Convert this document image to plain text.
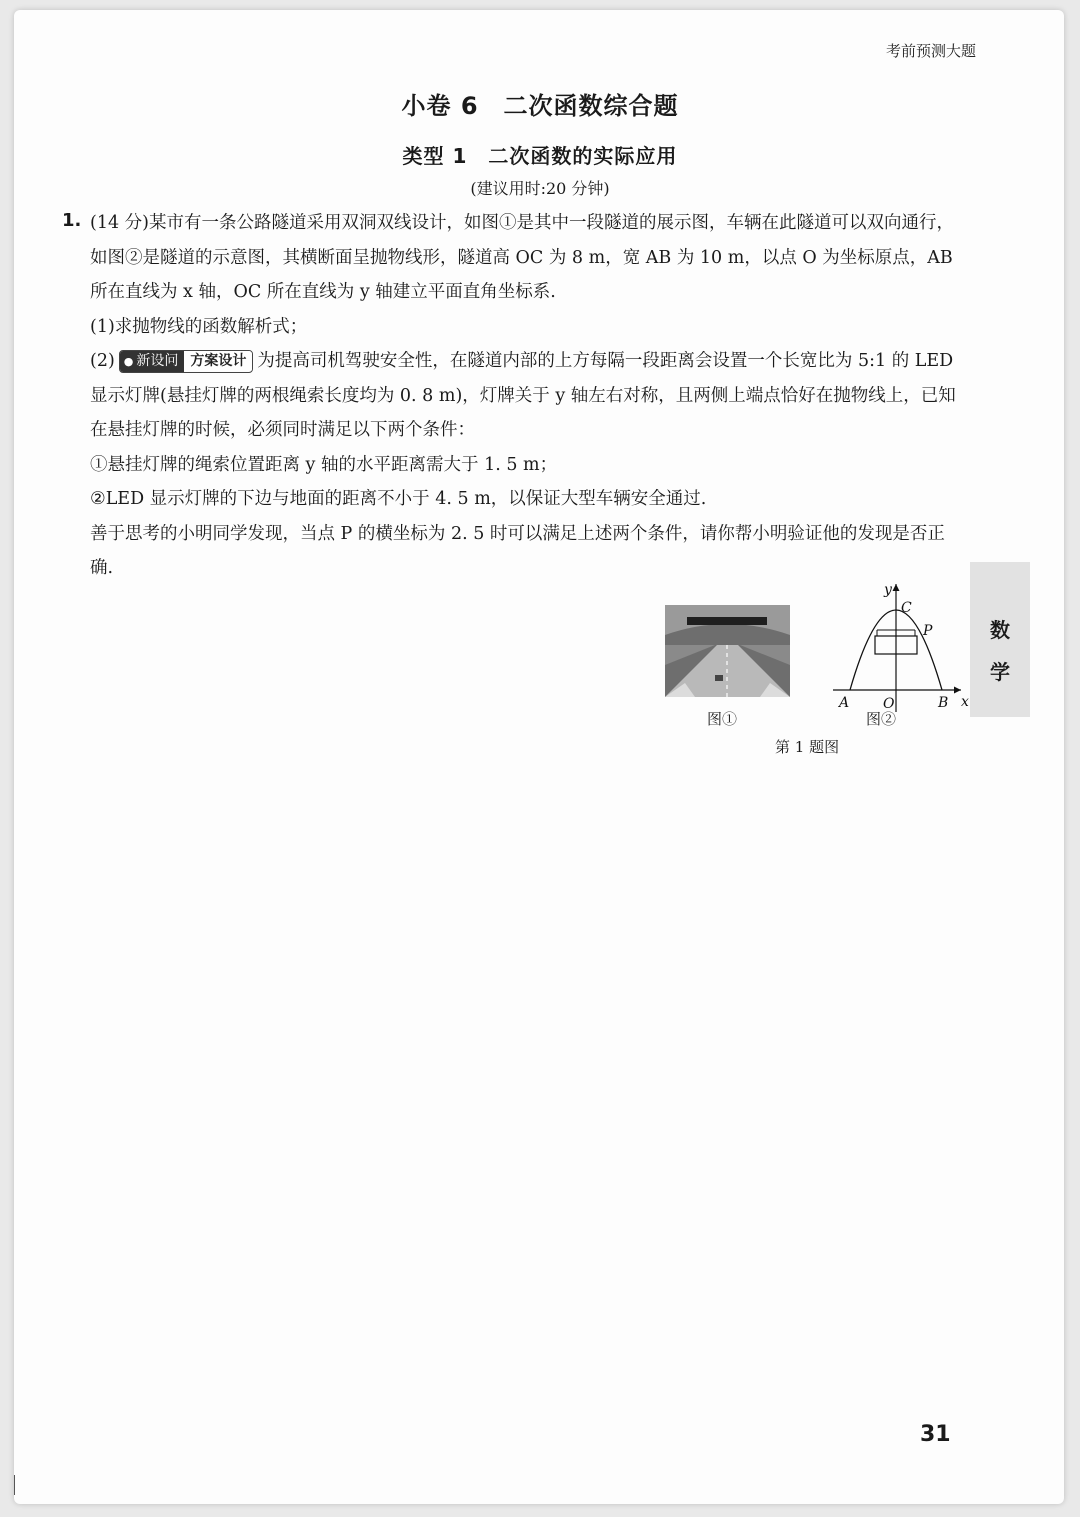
考前预测大题
小卷 6　二次函数综合题
类型 1　二次函数的实际应用
(建议用时:20 分钟)
1. (14 分)某市有一条公路隧道采用双洞双线设计，如图①是其中一段隧道的展示图，车辆在此隧道可以双向通行，如图②是隧道的示意图，其横断面呈抛物线形，隧道高 OC 为 8 m，宽 AB 为 10 m，以点 O 为坐标原点，AB 所在直线为 x 轴，OC 所在直线为 y 轴建立平面直角坐标系.

(1)求抛物线的函数解析式；

(2) ● 新设问 方案设计 为提高司机驾驶安全性，在隧道内部的上方每隔一段距离会设置一个长宽比为 5:1 的 LED 显示灯牌(悬挂灯牌的两根绳索长度均为 0. 8 m)，灯牌关于 y 轴左右对称，且两侧上端点恰好在抛物线上，已知在悬挂灯牌的时候，必须同时满足以下两个条件：

①悬挂灯牌的绳索位置距离 y 轴的水平距离需大于 1. 5 m；

②LED 显示灯牌的下边与地面的距离不小于 4. 5 m，以保证大型车辆安全通过.

善于思考的小明同学发现，当点 P 的横坐标为 2. 5 时可以满足上述两个条件，请你帮小明验证他的发现是否正确.

数
学
图①
A O	B
C
P
x
y
图②
第 1 题图
31
